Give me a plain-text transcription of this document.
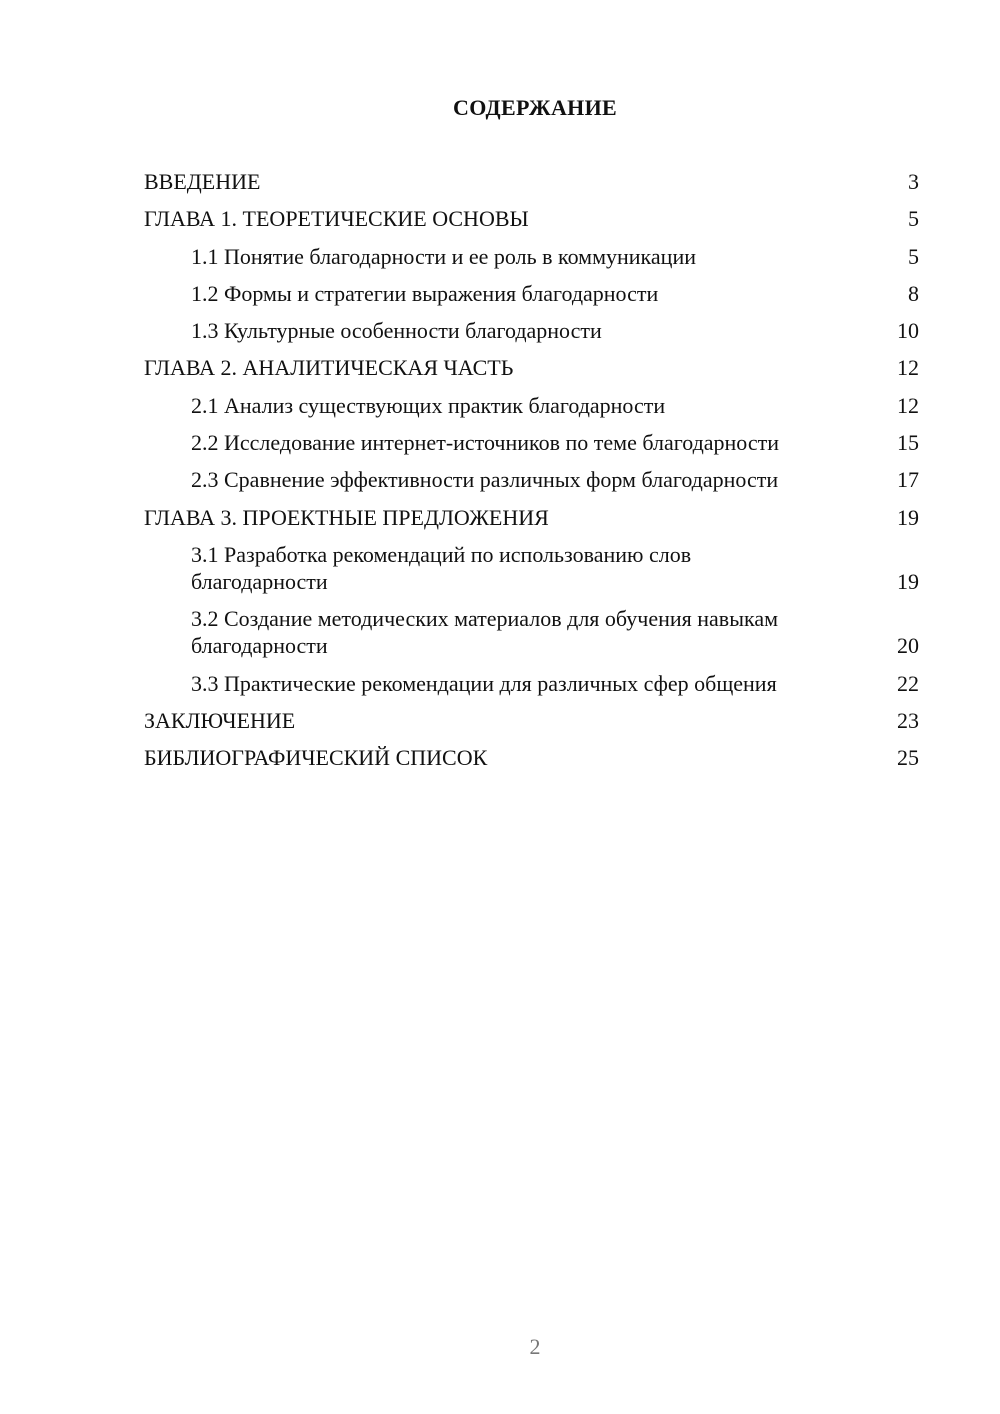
СОДЕРЖАНИЕ
ВВЕДЕНИЕ	3
ГЛАВА 1. ТЕОРЕТИЧЕСКИЕ ОСНОВЫ	5
1.1 Понятие благодарности и ее роль в коммуникации	5
1.2 Формы и стратегии выражения благодарности	8
1.3 Культурные особенности благодарности	10
ГЛАВА 2. АНАЛИТИЧЕСКАЯ ЧАСТЬ	12
2.1 Анализ существующих практик благодарности	12
2.2 Исследование интернет-источников по теме благодарности	15
2.3 Сравнение эффективности различных форм благодарности	17
ГЛАВА 3. ПРОЕКТНЫЕ ПРЕДЛОЖЕНИЯ	19
3.1 Разработка рекомендаций по использованию слов благодарности	19
3.2 Создание методических материалов для обучения навыкам благодарности	20
3.3 Практические рекомендации для различных сфер общения	22
ЗАКЛЮЧЕНИЕ	23
БИБЛИОГРАФИЧЕСКИЙ СПИСОК	25
2
